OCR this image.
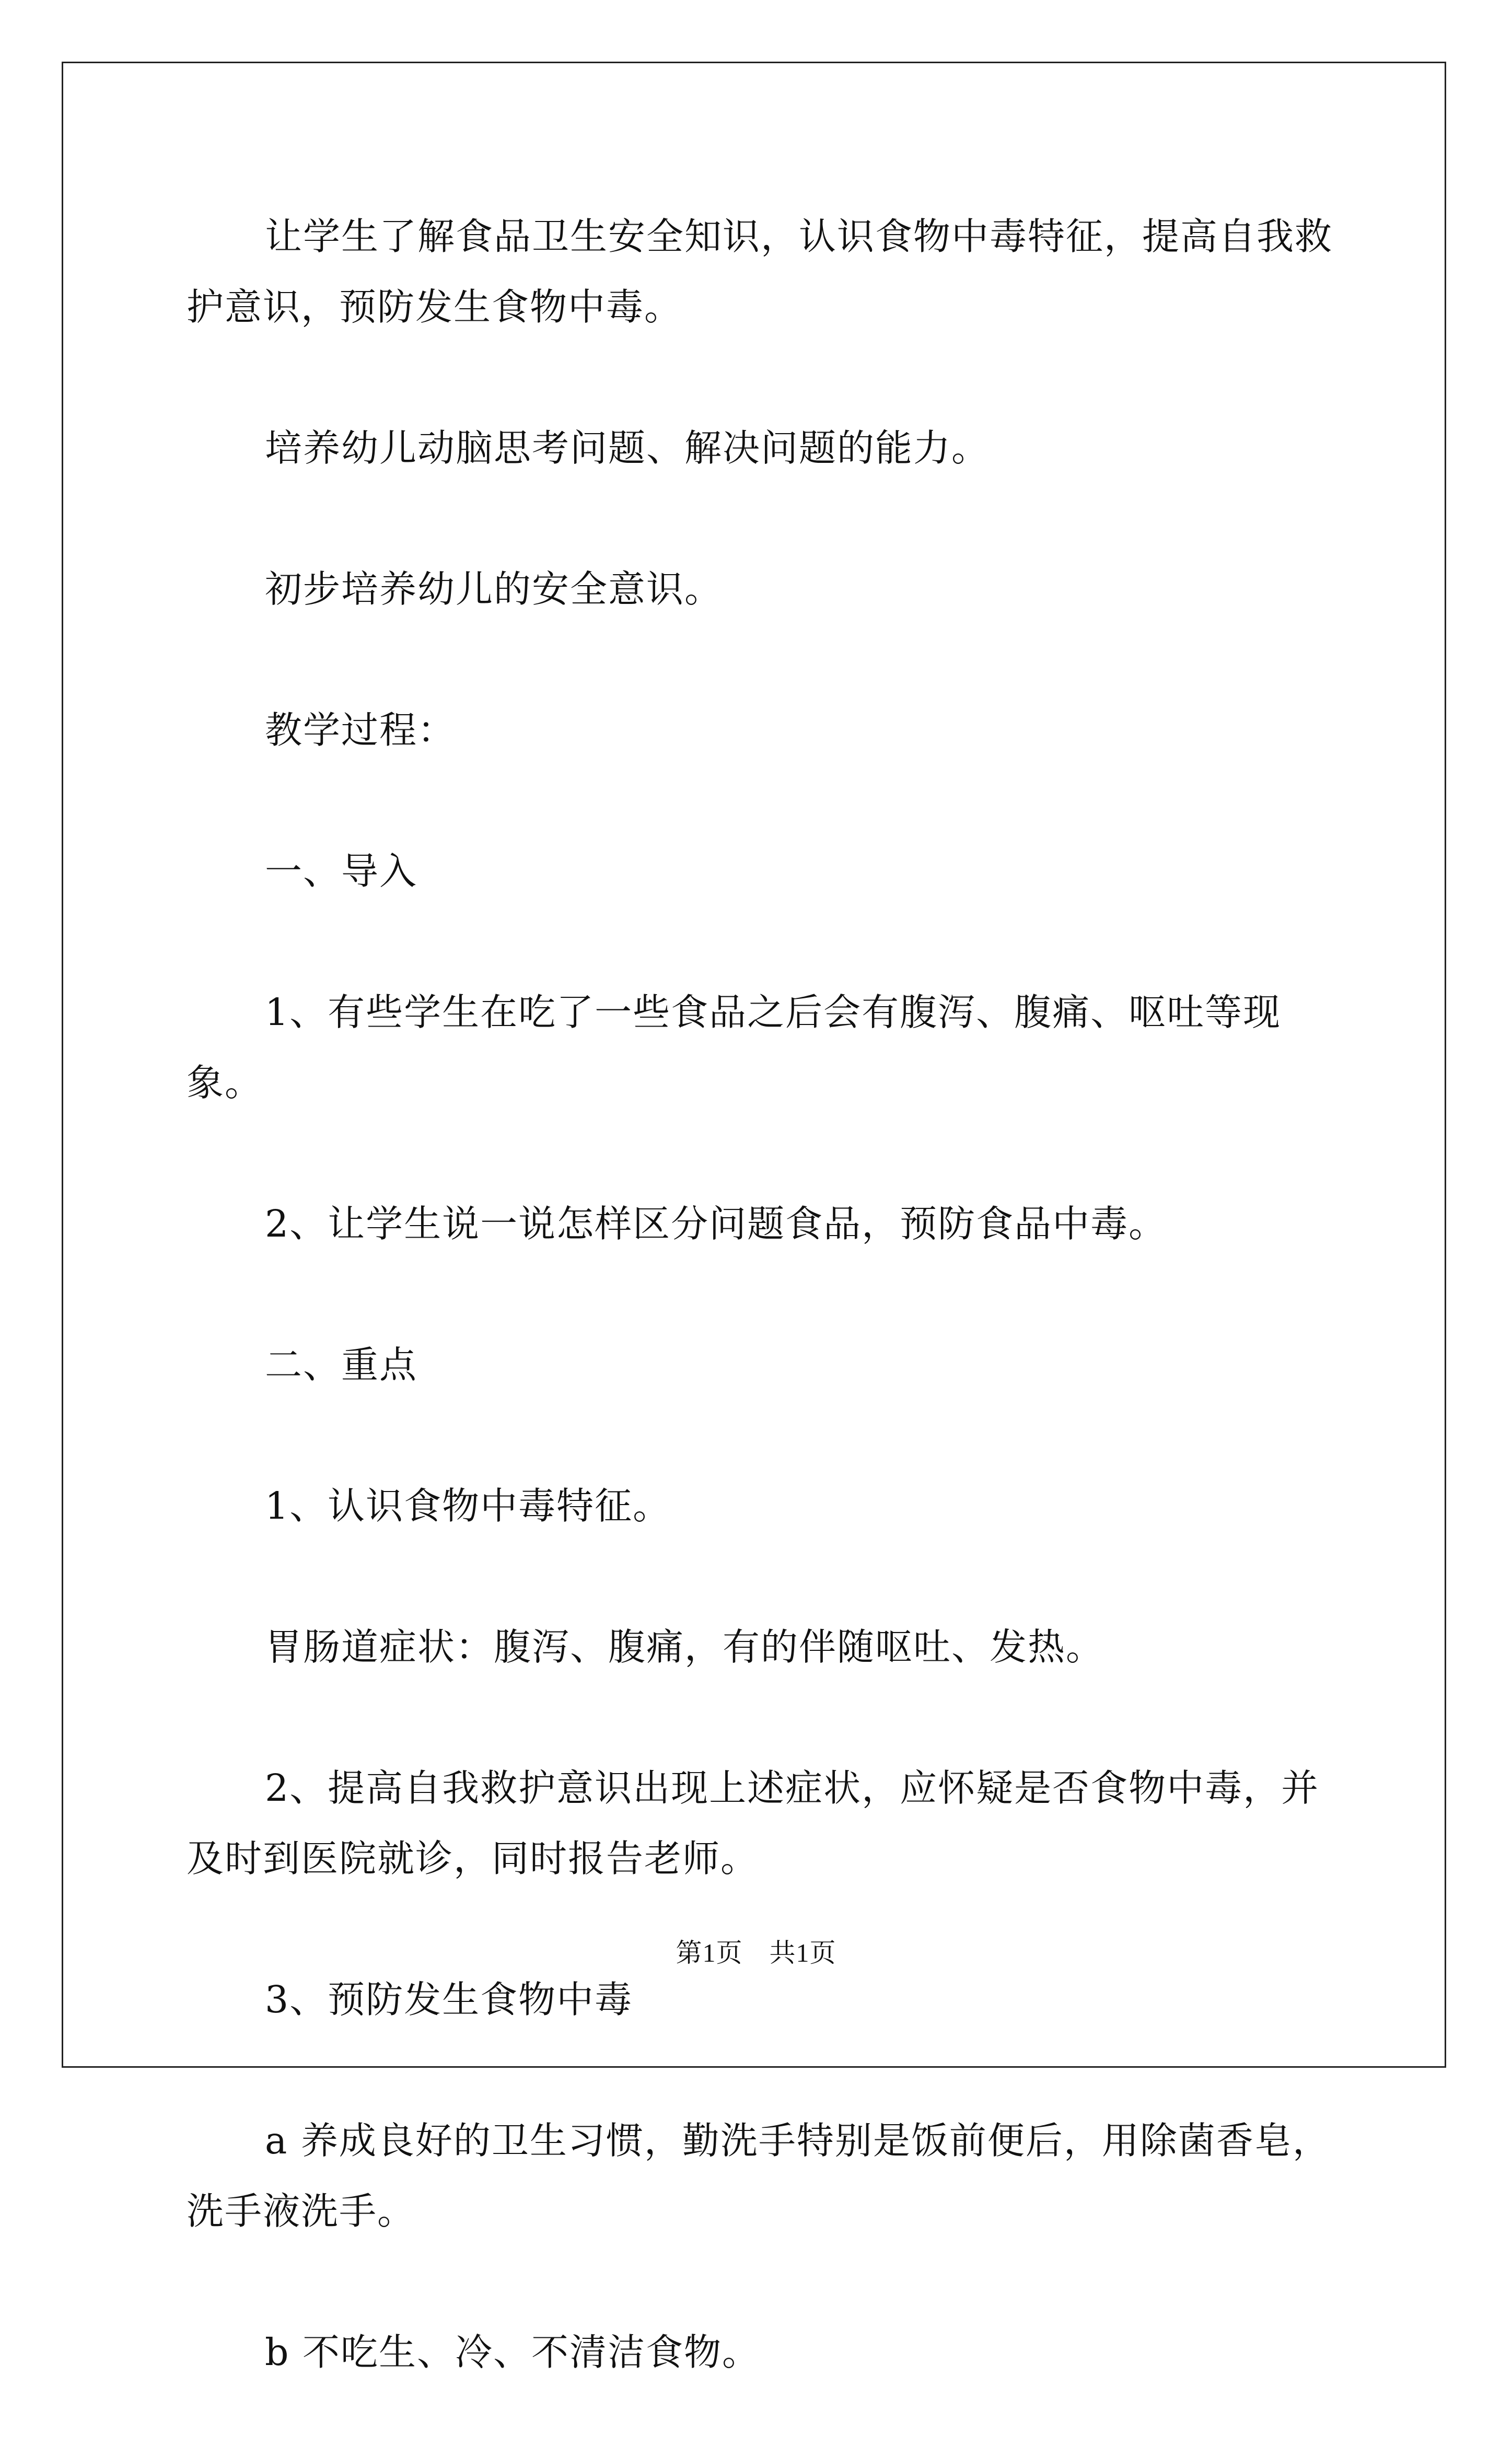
让学生了解食品卫生安全知识，认识食物中毒特征，提高自我救护意识，预防发生食物中毒。

培养幼儿动脑思考问题、解决问题的能力。

初步培养幼儿的安全意识。

教学过程：

一、导入

1、有些学生在吃了一些食品之后会有腹泻、腹痛、呕吐等现象。

2、让学生说一说怎样区分问题食品，预防食品中毒。

二、重点

1、认识食物中毒特征。

胃肠道症状：腹泻、腹痛，有的伴随呕吐、发热。

2、提高自我救护意识出现上述症状，应怀疑是否食物中毒，并及时到医院就诊，同时报告老师。

3、预防发生食物中毒

a 养成良好的卫生习惯，勤洗手特别是饭前便后，用除菌香皂，洗手液洗手。

b 不吃生、冷、不清洁食物。

第1页　共1页
